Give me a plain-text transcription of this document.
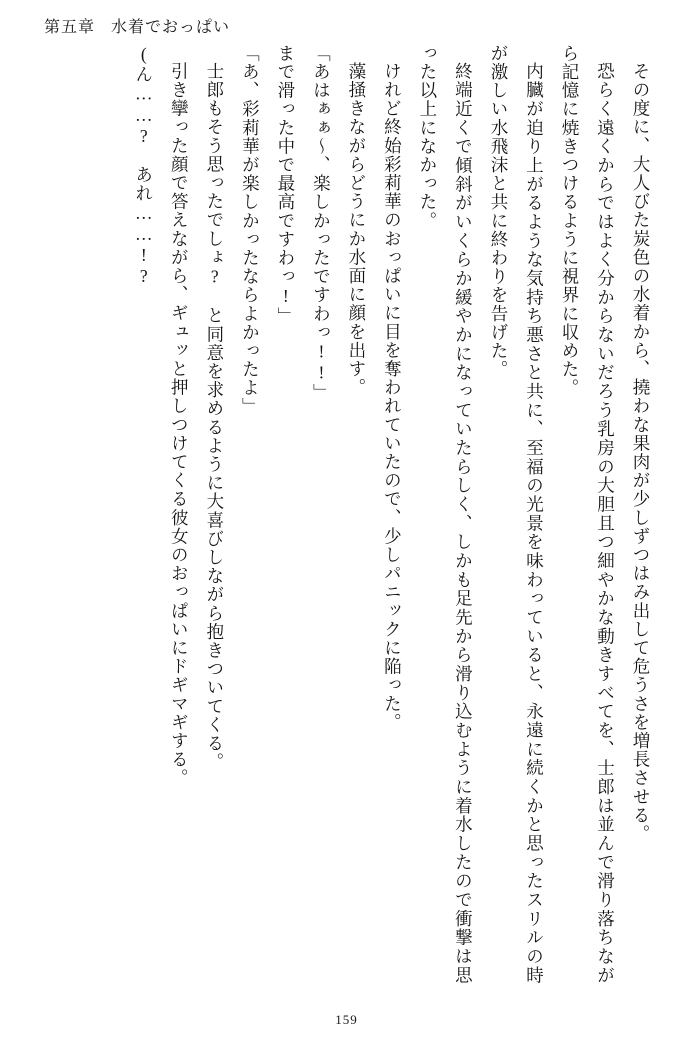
第五章 水着でおっぱい

その度に、大人びた炭色の水着から、撓わな果肉が少しずつはみ出して危うさを増長させる。

恐らく遠くからではよく分からないだろう乳房の大胆且つ細やかな動きすべてを、士郎は並んで滑り落ちながら記憶に焼きつけるように視界に収めた。

内臓が迫り上がるような気持ち悪さと共に、至福の光景を味わっていると、永遠に続くかと思ったスリルの時が激しい水飛沫と共に終わりを告げた。

終端近くで傾斜がいくらか緩やかになっていたらしく、しかも足先から滑り込むように着水したので衝撃は思った以上になかった。

けれど終始彩莉華のおっぱいに目を奪われていたので、少しパニックに陥った。

藻掻きながらどうにか水面に顔を出す。

「あはぁぁ～、楽しかったですわっ!!」

まで滑った中で最高ですわっ!」

「あ、彩莉華が楽しかったならよかったよ」

士郎もそう思ったでしょ?　と同意を求めるように大喜びしながら抱きついてくる。

引き攣った顔で答えながら、ギュッと押しつけてくる彼女のおっぱいにドギマギする。

(ん……?　あれ……!?

159
